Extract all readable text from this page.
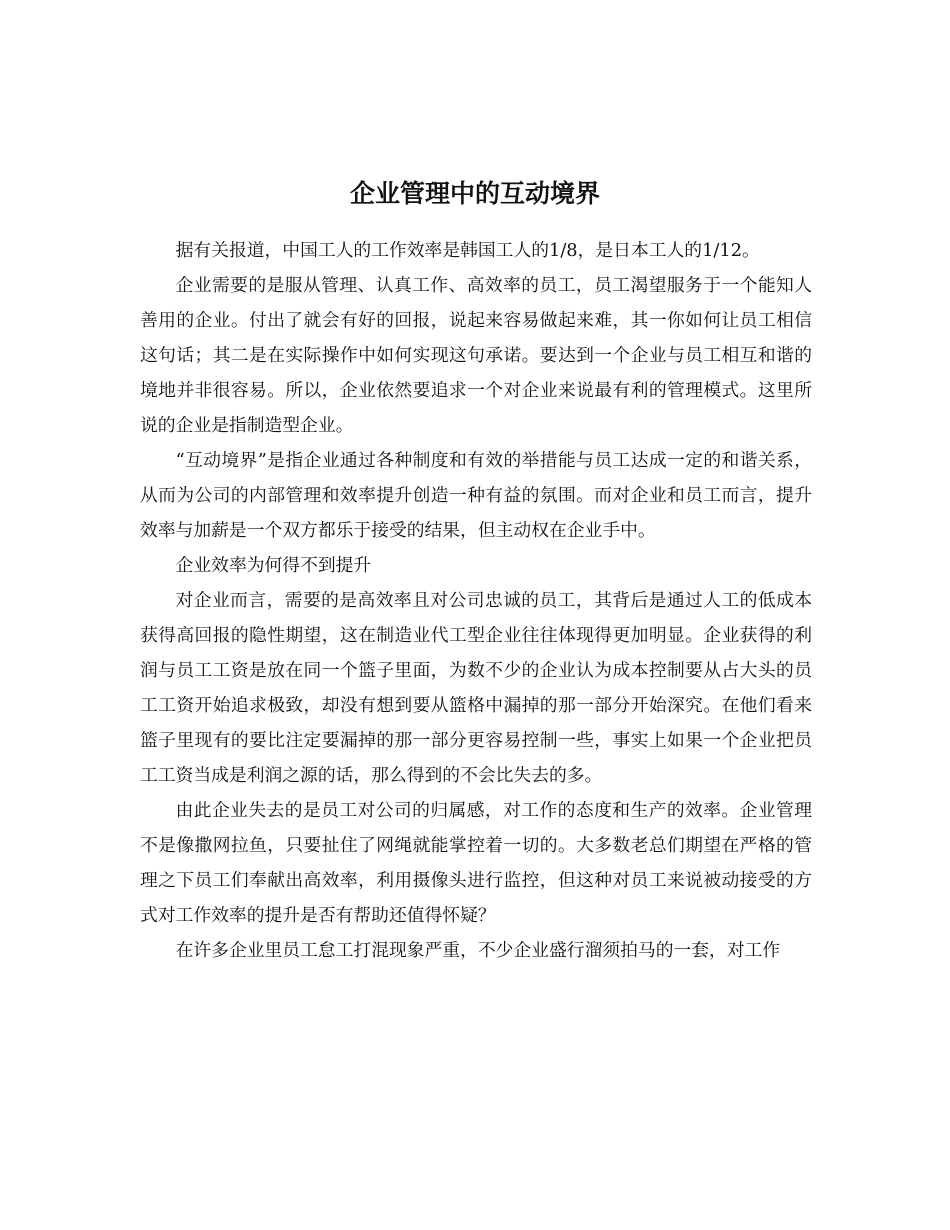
企业管理中的互动境界

据有关报道，中国工人的工作效率是韩国工人的1/8，是日本工人的1/12。

企业需要的是服从管理、认真工作、高效率的员工，员工渴望服务于一个能知人善用的企业。付出了就会有好的回报，说起来容易做起来难，其一你如何让员工相信这句话；其二是在实际操作中如何实现这句承诺。要达到一个企业与员工相互和谐的境地并非很容易。所以，企业依然要追求一个对企业来说最有利的管理模式。这里所说的企业是指制造型企业。

“互动境界”是指企业通过各种制度和有效的举措能与员工达成一定的和谐关系，从而为公司的内部管理和效率提升创造一种有益的氛围。而对企业和员工而言，提升效率与加薪是一个双方都乐于接受的结果，但主动权在企业手中。

企业效率为何得不到提升

对企业而言，需要的是高效率且对公司忠诚的员工，其背后是通过人工的低成本获得高回报的隐性期望，这在制造业代工型企业往往体现得更加明显。企业获得的利润与员工工资是放在同一个篮子里面，为数不少的企业认为成本控制要从占大头的员工工资开始追求极致，却没有想到要从篮格中漏掉的那一部分开始深究。在他们看来篮子里现有的要比注定要漏掉的那一部分更容易控制一些，事实上如果一个企业把员工工资当成是利润之源的话，那么得到的不会比失去的多。

由此企业失去的是员工对公司的归属感，对工作的态度和生产的效率。企业管理不是像撒网拉鱼，只要扯住了网绳就能掌控着一切的。大多数老总们期望在严格的管理之下员工们奉献出高效率，利用摄像头进行监控，但这种对员工来说被动接受的方式对工作效率的提升是否有帮助还值得怀疑？

在许多企业里员工怠工打混现象严重，不少企业盛行溜须拍马的一套，对工作
